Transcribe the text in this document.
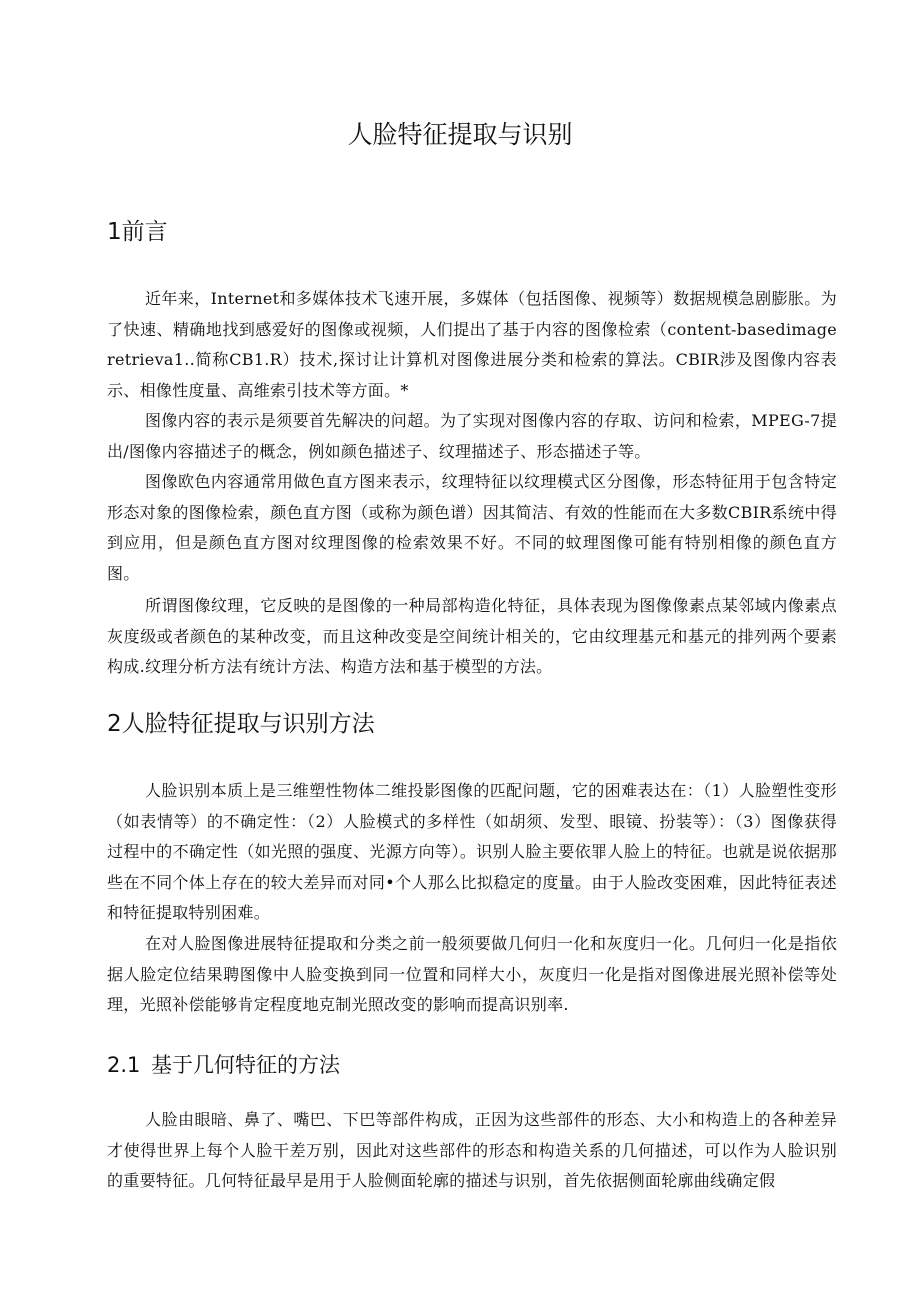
人脸特征提取与识别
1前言

近年来，Internet和多媒体技术飞速开展，多媒体（包括图像、视频等）数据规模急剧膨胀。为了快速、精确地找到感爱好的图像或视频，人们提出了基于内容的图像检索（content-basedimageretrieva1..简称CB1.R）技术,探讨让计算机对图像进展分类和检索的算法。CBIR涉及图像内容表示、相像性度量、高维索引技术等方面。*

图像内容的表示是须要首先解决的问超。为了实现对图像内容的存取、访问和检索，MPEG-7提出/图像内容描述子的概念，例如颜色描述子、纹理描述子、形态描述子等。

图像欧色内容通常用做色直方图来表示，纹理特征以纹理模式区分图像，形态特征用于包含特定形态对象的图像检索，颜色直方图（或称为颜色谱）因其简洁、有效的性能而在大多数CBIR系统中得到应用，但是颜色直方图对纹理图像的检索效果不好。不同的蚊理图像可能有特别相像的颜色直方图。

所谓图像纹理，它反映的是图像的一种局部构造化特征，具体表现为图像像素点某邻域内像素点灰度级或者颜色的某种改变，而且这种改变是空间统计相关的，它由纹理基元和基元的排列两个要素构成.纹理分析方法有统计方法、构造方法和基于模型的方法。

2人脸特征提取与识别方法

人脸识别本质上是三维塑性物体二维投影图像的匹配问题，它的困难表达在：（1）人脸塑性变形（如表情等）的不确定性：（2）人脸模式的多样性（如胡须、发型、眼镜、扮装等）：（3）图像获得过程中的不确定性（如光照的强度、光源方向等）。识别人脸主要依罪人脸上的特征。也就是说依据那些在不同个体上存在的较大差异而对同•个人那么比拟稳定的度量。由于人脸改变困难，因此特征表述和特征提取特别困难。

在对人脸图像进展特征提取和分类之前一般须要做几何归一化和灰度归一化。几何归一化是指依据人脸定位结果聘图像中人脸变换到同一位置和同样大小，灰度归一化是指对图像进展光照补偿等处理，光照补偿能够肯定程度地克制光照改变的影响而提高识别率.

2.1 基于几何特征的方法

人脸由眼暗、鼻了、嘴巴、下巴等部件构成，正因为这些部件的形态、大小和构造上的各种差异才使得世界上每个人脸干差万别，因此对这些部件的形态和构造关系的几何描述，可以作为人脸识别的重要特征。几何特征最早是用于人脸侧面轮廓的描述与识别，首先依据侧面轮廓曲线确定假
